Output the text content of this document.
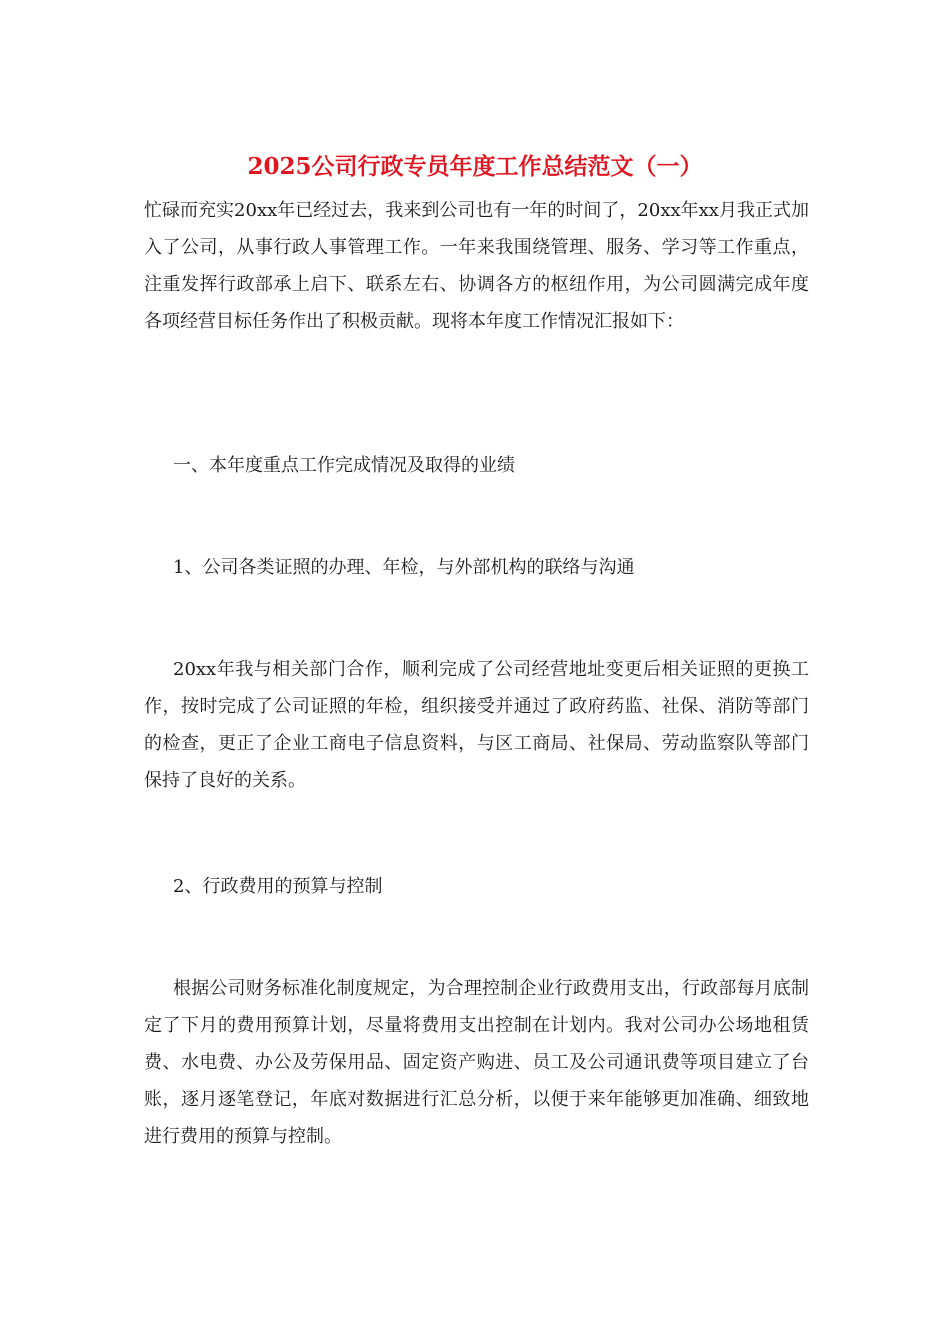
2025公司行政专员年度工作总结范文（一）

忙碌而充实20xx年已经过去，我来到公司也有一年的时间了，20xx年xx月我正式加入了公司，从事行政人事管理工作。一年来我围绕管理、服务、学习等工作重点，注重发挥行政部承上启下、联系左右、协调各方的枢纽作用，为公司圆满完成年度各项经营目标任务作出了积极贡献。现将本年度工作情况汇报如下：

一、本年度重点工作完成情况及取得的业绩

1、公司各类证照的办理、年检，与外部机构的联络与沟通

20xx年我与相关部门合作，顺利完成了公司经营地址变更后相关证照的更换工作，按时完成了公司证照的年检，组织接受并通过了政府药监、社保、消防等部门的检查，更正了企业工商电子信息资料，与区工商局、社保局、劳动监察队等部门保持了良好的关系。

2、行政费用的预算与控制

根据公司财务标准化制度规定，为合理控制企业行政费用支出，行政部每月底制定了下月的费用预算计划，尽量将费用支出控制在计划内。我对公司办公场地租赁费、水电费、办公及劳保用品、固定资产购进、员工及公司通讯费等项目建立了台账，逐月逐笔登记，年底对数据进行汇总分析，以便于来年能够更加准确、细致地进行费用的预算与控制。
